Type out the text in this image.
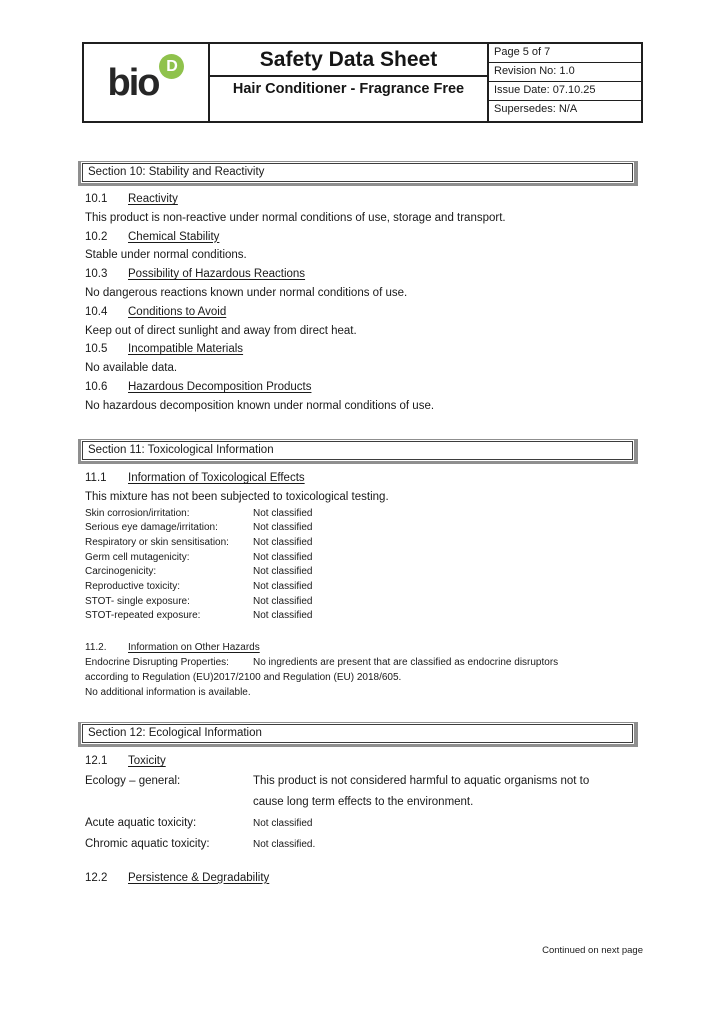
bio D	Safety Data Sheet
Hair Conditioner - Fragrance Free
Page 5 of 7
Revision No: 1.0
Issue Date: 07.10.25
Supersedes: N/A
Section 10: Stability and Reactivity
10.1 Reactivity
This product is non-reactive under normal conditions of use, storage and transport.
10.2 Chemical Stability
Stable under normal conditions.
10.3 Possibility of Hazardous Reactions
No dangerous reactions known under normal conditions of use.
10.4 Conditions to Avoid
Keep out of direct sunlight and away from direct heat.
10.5 Incompatible Materials
No available data.
10.6 Hazardous Decomposition Products
No hazardous decomposition known under normal conditions of use.
Section 11: Toxicological Information
11.1 Information of Toxicological Effects
This mixture has not been subjected to toxicological testing.
Skin corrosion/irritation:	Not classified
Serious eye damage/irritation:	Not classified
Respiratory or skin sensitisation: Not classified
Germ cell mutagenicity:	Not classified
Carcinogenicity:	Not classified
Reproductive toxicity:	Not classified
STOT- single exposure:	Not classified
STOT-repeated exposure:	Not classified
11.2. Information on Other Hazards
Endocrine Disrupting Properties: No ingredients are present that are classified as endocrine disruptors
according to Regulation (EU)2017/2100 and Regulation (EU) 2018/605.
No additional information is available.
Section 12: Ecological Information
12.1 Toxicity
Ecology – general:	This product is not considered harmful to aquatic organisms not to
cause long term effects to the environment.
Acute aquatic toxicity:	Not classified
Chromic aquatic toxicity:	Not classified.
12.2 Persistence & Degradability
Continued on next page
